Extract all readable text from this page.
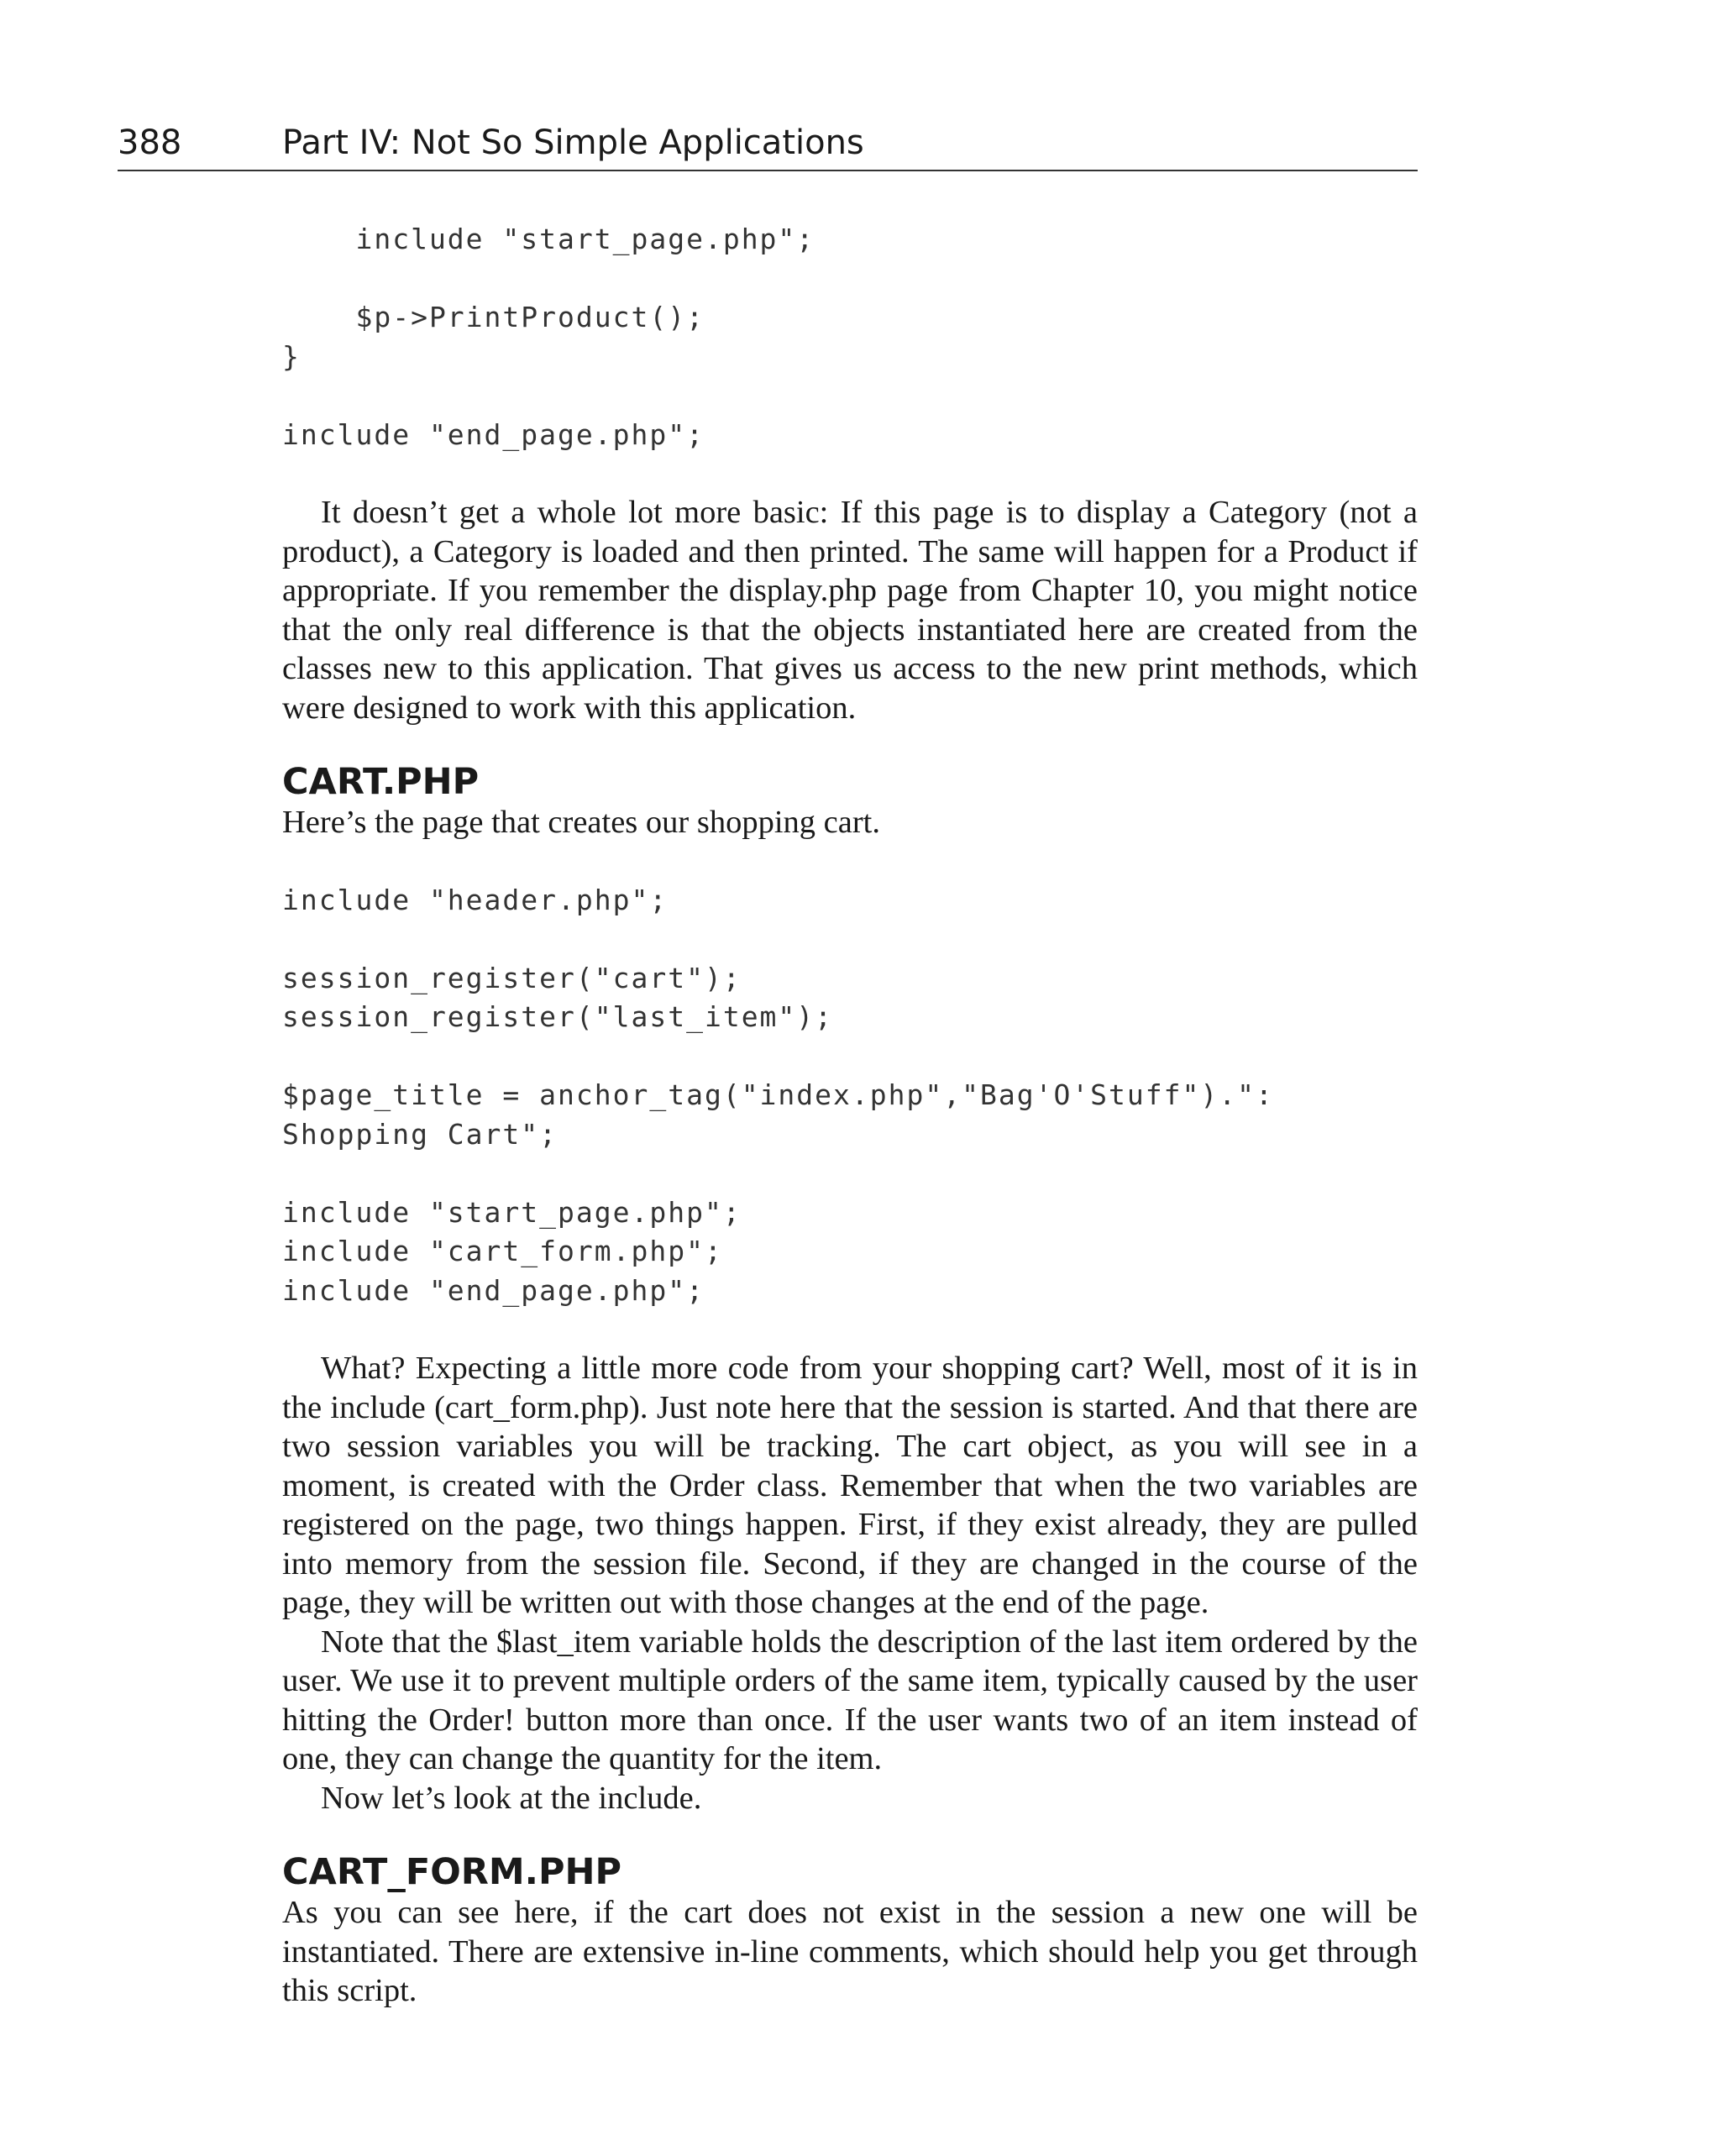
388	Part IV: Not So Simple Applications
include "start_page.php";

$p->PrintProduct();
}

include "end_page.php";

It doesn’t get a whole lot more basic: If this page is to display a Category (not a product), a Category is loaded and then printed. The same will happen for a Product if appropriate. If you remember the display.php page from Chapter 10, you might notice that the only real difference is that the objects instantiated here are created from the classes new to this application. That gives us access to the new print methods, which were designed to work with this application.

CART.PHP

Here’s the page that creates our shopping cart.

include "header.php";

session_register("cart");
session_register("last_item");

$page_title = anchor_tag("index.php","Bag'O'Stuff").":
Shopping Cart";

include "start_page.php";
include "cart_form.php";
include "end_page.php";

What? Expecting a little more code from your shopping cart? Well, most of it is in the include (cart_form.php). Just note here that the session is started. And that there are two session variables you will be tracking. The cart object, as you will see in a moment, is created with the Order class. Remember that when the two variables are registered on the page, two things happen. First, if they exist already, they are pulled into memory from the session file. Second, if they are changed in the course of the page, they will be written out with those changes at the end of the page.

Note that the $last_item variable holds the description of the last item ordered by the user. We use it to prevent multiple orders of the same item, typically caused by the user hitting the Order! button more than once. If the user wants two of an item instead of one, they can change the quantity for the item.

Now let’s look at the include.

CART_FORM.PHP

As you can see here, if the cart does not exist in the session a new one will be instantiated. There are extensive in-line comments, which should help you get through this script.
